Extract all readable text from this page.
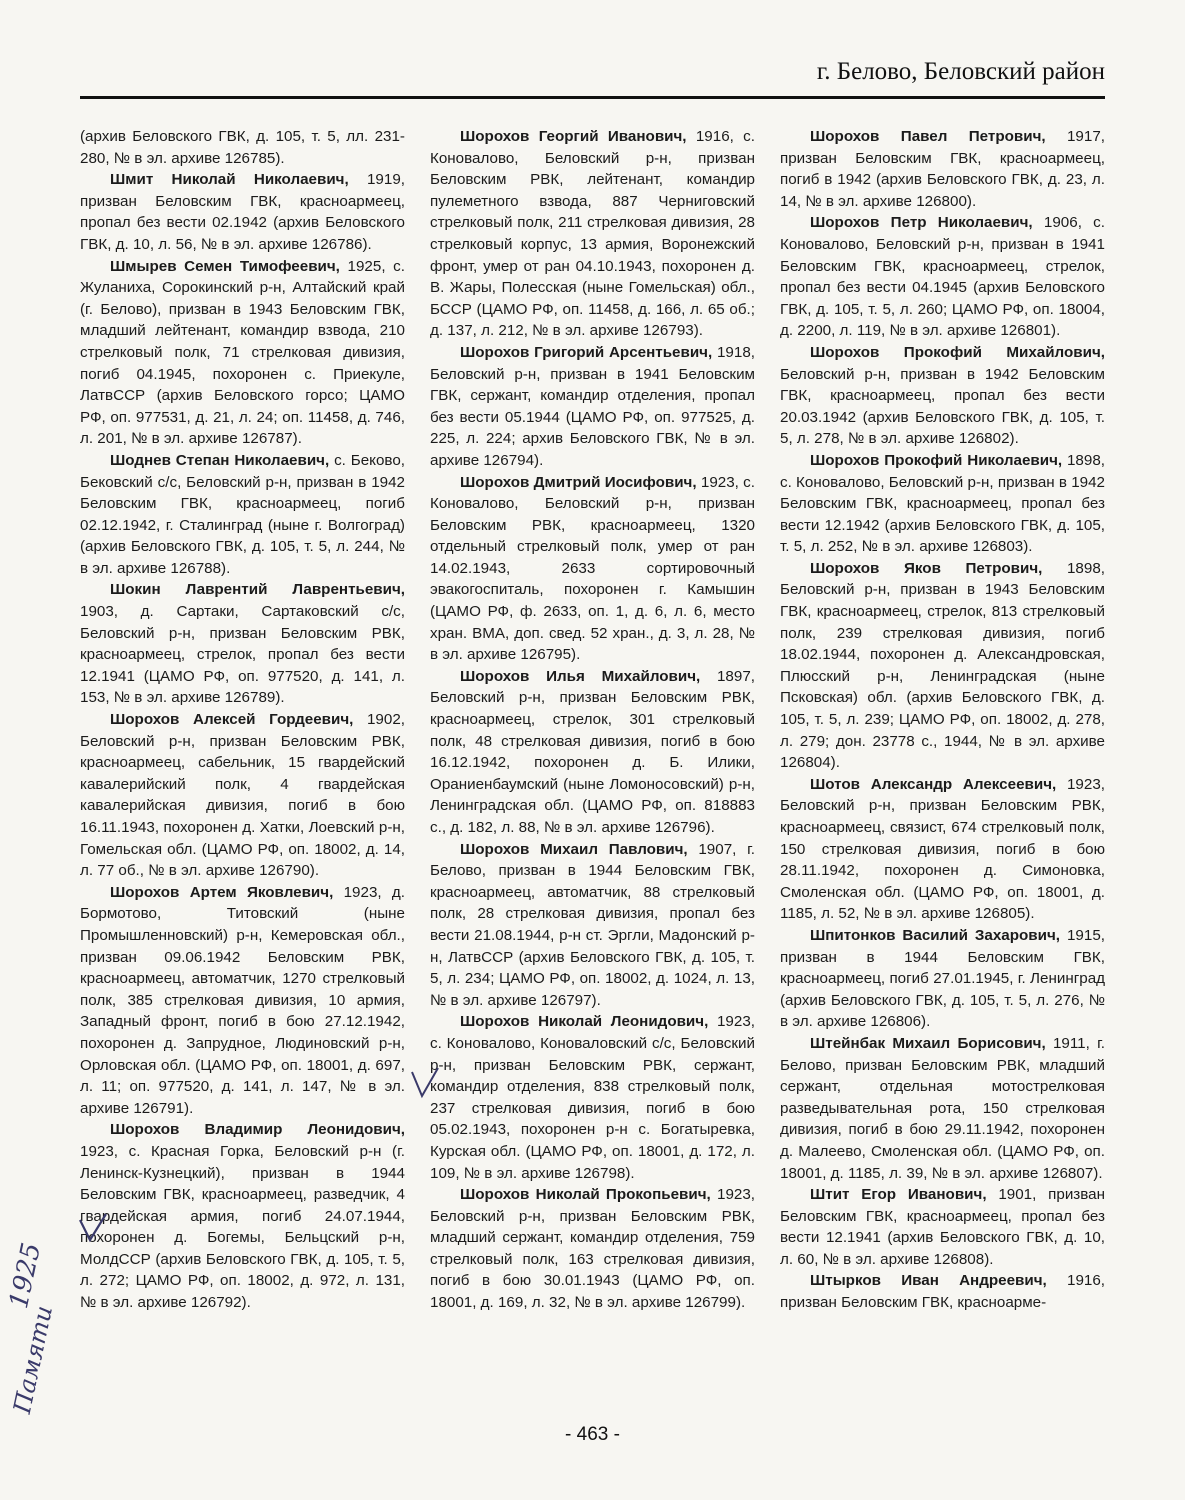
г. Белово, Беловский район
(архив Беловского ГВК, д. 105, т. 5, лл. 231-280, № в эл. архиве 126785).
Шмит Николай Николаевич, 1919, призван Беловским ГВК, красноармеец, пропал без вести 02.1942 (архив Беловского ГВК, д. 10, л. 56, № в эл. архиве 126786).
Шмырев Семен Тимофеевич, 1925, с. Жуланиха, Сорокинский р-н, Алтайский край (г. Белово), призван в 1943 Беловским ГВК, младший лейтенант, командир взвода, 210 стрелковый полк, 71 стрелковая дивизия, погиб 04.1945, похоронен с. Приекуле, ЛатвССР (архив Беловского горсо; ЦАМО РФ, оп. 977531, д. 21, л. 24; оп. 11458, д. 746, л. 201, № в эл. архиве 126787).
Шоднев Степан Николаевич, с. Беково, Бековский с/с, Беловский р-н, призван в 1942 Беловским ГВК, красноармеец, погиб 02.12.1942, г. Сталинград (ныне г. Волгоград) (архив Беловского ГВК, д. 105, т. 5, л. 244, № в эл. архиве 126788).
Шокин Лаврентий Лаврентьевич, 1903, д. Сартаки, Сартаковский с/с, Беловский р-н, призван Беловским РВК, красноармеец, стрелок, пропал без вести 12.1941 (ЦАМО РФ, оп. 977520, д. 141, л. 153, № в эл. архиве 126789).
Шорохов Алексей Гордеевич, 1902, Беловский р-н, призван Беловским РВК, красноармеец, сабельник, 15 гвардейский кавалерийский полк, 4 гвардейская кавалерийская дивизия, погиб в бою 16.11.1943, похоронен д. Хатки, Лоевский р-н, Гомельская обл. (ЦАМО РФ, оп. 18002, д. 14, л. 77 об., № в эл. архиве 126790).
Шорохов Артем Яковлевич, 1923, д. Бормотово, Титовский (ныне Промышленновский) р-н, Кемеровская обл., призван 09.06.1942 Беловским РВК, красноармеец, автоматчик, 1270 стрелковый полк, 385 стрелковая дивизия, 10 армия, Западный фронт, погиб в бою 27.12.1942, похоронен д. Запрудное, Людиновский р-н, Орловская обл. (ЦАМО РФ, оп. 18001, д. 697, л. 11; оп. 977520, д. 141, л. 147, № в эл. архиве 126791).
Шорохов Владимир Леонидович, 1923, с. Красная Горка, Беловский р-н (г. Ленинск-Кузнецкий), призван в 1944 Беловским ГВК, красноармеец, разведчик, 4 гвардейская армия, погиб 24.07.1944, похоронен д. Богемы, Бельцский р-н, МолдССР (архив Беловского ГВК, д. 105, т. 5, л. 272; ЦАМО РФ, оп. 18002, д. 972, л. 131, № в эл. архиве 126792).
Шорохов Георгий Иванович, 1916, с. Коновалово, Беловский р-н, призван Беловским РВК, лейтенант, командир пулеметного взвода, 887 Черниговский стрелковый полк, 211 стрелковая дивизия, 28 стрелковый корпус, 13 армия, Воронежский фронт, умер от ран 04.10.1943, похоронен д. В. Жары, Полесская (ныне Гомельская) обл., БССР (ЦАМО РФ, оп. 11458, д. 166, л. 65 об.; д. 137, л. 212, № в эл. архиве 126793).
Шорохов Григорий Арсентьевич, 1918, Беловский р-н, призван в 1941 Беловским ГВК, сержант, командир отделения, пропал без вести 05.1944 (ЦАМО РФ, оп. 977525, д. 225, л. 224; архив Беловского ГВК, № в эл. архиве 126794).
Шорохов Дмитрий Иосифович, 1923, с. Коновалово, Беловский р-н, призван Беловским РВК, красноармеец, 1320 отдельный стрелковый полк, умер от ран 14.02.1943, 2633 сортировочный эвакогоспиталь, похоронен г. Камышин (ЦАМО РФ, ф. 2633, оп. 1, д. 6, л. 6, место хран. ВМА, доп. свед. 52 хран., д. 3, л. 28, № в эл. архиве 126795).
Шорохов Илья Михайлович, 1897, Беловский р-н, призван Беловским РВК, красноармеец, стрелок, 301 стрелковый полк, 48 стрелковая дивизия, погиб в бою 16.12.1942, похоронен д. Б. Илики, Ораниенбаумский (ныне Ломоносовский) р-н, Ленинградская обл. (ЦАМО РФ, оп. 818883 с., д. 182, л. 88, № в эл. архиве 126796).
Шорохов Михаил Павлович, 1907, г. Белово, призван в 1944 Беловским ГВК, красноармеец, автоматчик, 88 стрелковый полк, 28 стрелковая дивизия, пропал без вести 21.08.1944, р-н ст. Эргли, Мадонский р-н, ЛатвССР (архив Беловского ГВК, д. 105, т. 5, л. 234; ЦАМО РФ, оп. 18002, д. 1024, л. 13, № в эл. архиве 126797).
Шорохов Николай Леонидович, 1923, с. Коновалово, Коноваловский с/с, Беловский р-н, призван Беловским РВК, сержант, командир отделения, 838 стрелковый полк, 237 стрелковая дивизия, погиб в бою 05.02.1943, похоронен р-н с. Богатыревка, Курская обл. (ЦАМО РФ, оп. 18001, д. 172, л. 109, № в эл. архиве 126798).
Шорохов Николай Прокопьевич, 1923, Беловский р-н, призван Беловским РВК, младший сержант, командир отделения, 759 стрелковый полк, 163 стрелковая дивизия, погиб в бою 30.01.1943 (ЦАМО РФ, оп. 18001, д. 169, л. 32, № в эл. архиве 126799).
Шорохов Павел Петрович, 1917, призван Беловским ГВК, красноармеец, погиб в 1942 (архив Беловского ГВК, д. 23, л. 14, № в эл. архиве 126800).
Шорохов Петр Николаевич, 1906, с. Коновалово, Беловский р-н, призван в 1941 Беловским ГВК, красноармеец, стрелок, пропал без вести 04.1945 (архив Беловского ГВК, д. 105, т. 5, л. 260; ЦАМО РФ, оп. 18004, д. 2200, л. 119, № в эл. архиве 126801).
Шорохов Прокофий Михайлович, Беловский р-н, призван в 1942 Беловским ГВК, красноармеец, пропал без вести 20.03.1942 (архив Беловского ГВК, д. 105, т. 5, л. 278, № в эл. архиве 126802).
Шорохов Прокофий Николаевич, 1898, с. Коновалово, Беловский р-н, призван в 1942 Беловским ГВК, красноармеец, пропал без вести 12.1942 (архив Беловского ГВК, д. 105, т. 5, л. 252, № в эл. архиве 126803).
Шорохов Яков Петрович, 1898, Беловский р-н, призван в 1943 Беловским ГВК, красноармеец, стрелок, 813 стрелковый полк, 239 стрелковая дивизия, погиб 18.02.1944, похоронен д. Александровская, Плюсский р-н, Ленинградская (ныне Псковская) обл. (архив Беловского ГВК, д. 105, т. 5, л. 239; ЦАМО РФ, оп. 18002, д. 278, л. 279; дон. 23778 с., 1944, № в эл. архиве 126804).
Шотов Александр Алексеевич, 1923, Беловский р-н, призван Беловским РВК, красноармеец, связист, 674 стрелковый полк, 150 стрелковая дивизия, погиб в бою 28.11.1942, похоронен д. Симоновка, Смоленская обл. (ЦАМО РФ, оп. 18001, д. 1185, л. 52, № в эл. архиве 126805).
Шпитонков Василий Захарович, 1915, призван в 1944 Беловским ГВК, красноармеец, погиб 27.01.1945, г. Ленинград (архив Беловского ГВК, д. 105, т. 5, л. 276, № в эл. архиве 126806).
Штейнбак Михаил Борисович, 1911, г. Белово, призван Беловским РВК, младший сержант, отдельная мотострелковая разведывательная рота, 150 стрелковая дивизия, погиб в бою 29.11.1942, похоронен д. Малеево, Смоленская обл. (ЦАМО РФ, оп. 18001, д. 1185, л. 39, № в эл. архиве 126807).
Штит Егор Иванович, 1901, призван Беловским ГВК, красноармеец, пропал без вести 12.1941 (архив Беловского ГВК, д. 10, л. 60, № в эл. архиве 126808).
Штырков Иван Андреевич, 1916, призван Беловским ГВК, красноарме-
1925
Памяти
- 463 -
